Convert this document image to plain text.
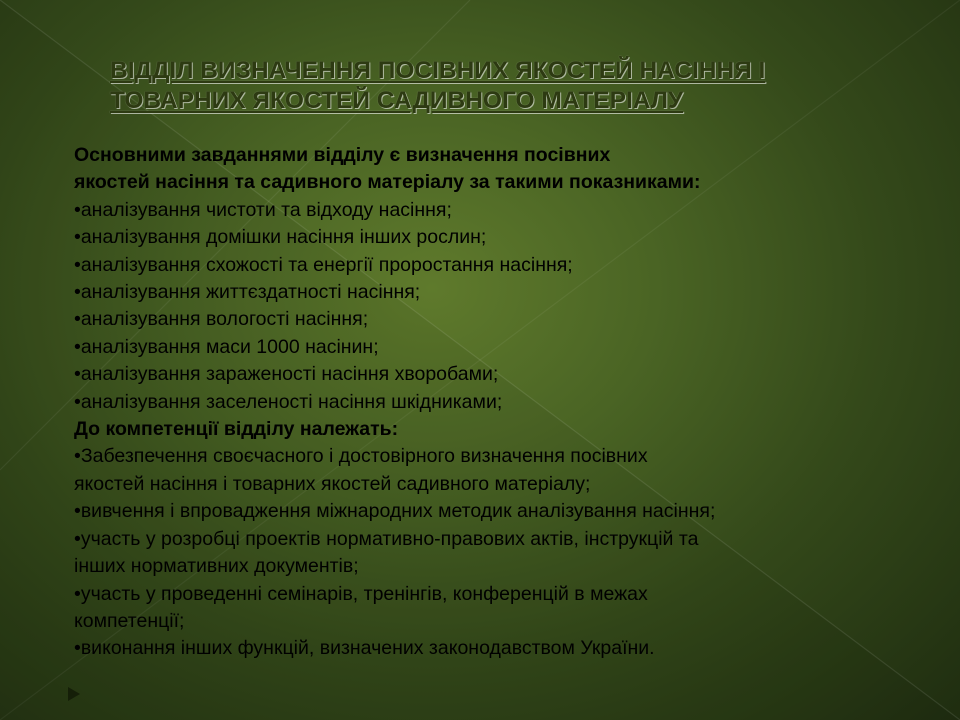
ВІДДІЛ ВИЗНАЧЕННЯ ПОСІВНИХ ЯКОСТЕЙ НАСІННЯ І
ТОВАРНИХ ЯКОСТЕЙ САДИВНОГО МАТЕРІАЛУ
Основними завданнями відділу є визначення посівних
якостей насіння та садивного матеріалу за такими показниками:
•аналізування чистоти та відходу насіння;
•аналізування домішки насіння інших рослин;
•аналізування схожості та енергії проростання насіння;
•аналізування життєздатності насіння;
•аналізування вологості насіння;
•аналізування маси 1000 насінин;
•аналізування зараженості насіння хворобами;
•аналізування заселеності насіння шкідниками;
До компетенції відділу належать:
•Забезпечення своєчасного і достовірного визначення посівних
якостей насіння і товарних якостей садивного матеріалу;
•вивчення і впровадження міжнародних методик аналізування насіння;
•участь у розробці проектів нормативно-правових актів, інструкцій та
інших нормативних документів;
•участь у проведенні семінарів, тренінгів, конференцій в межах
компетенції;
•виконання інших функцій, визначених законодавством України.
